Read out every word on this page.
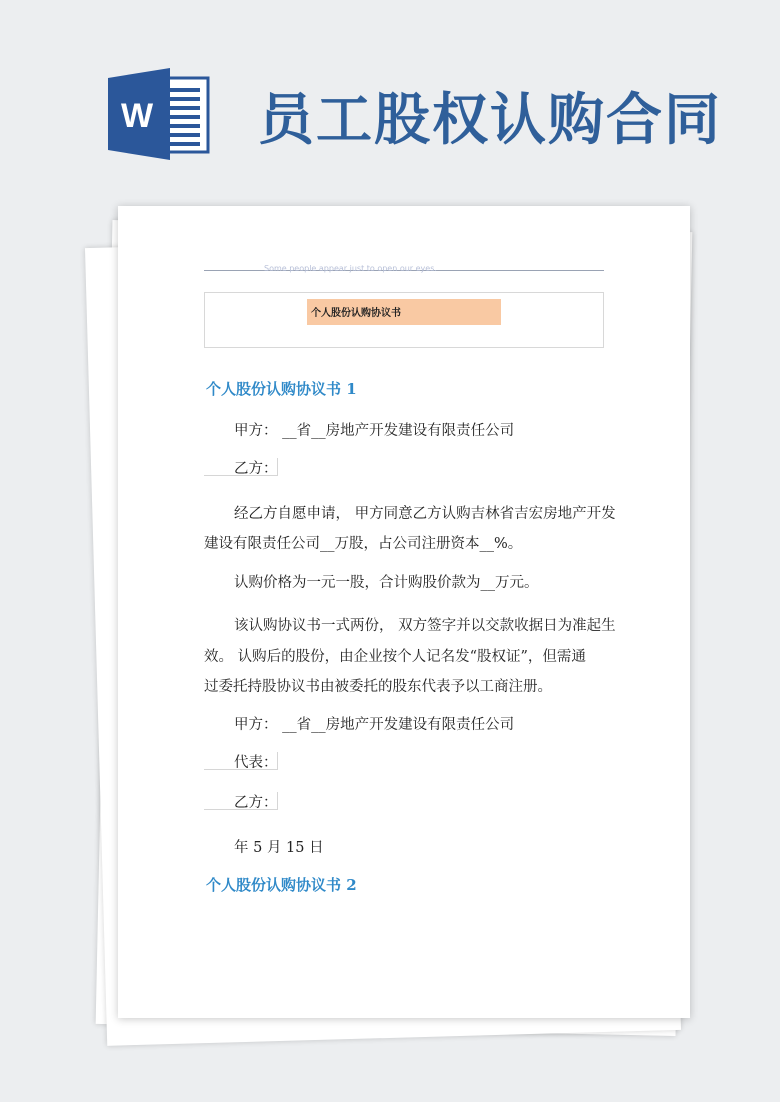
W 员工股权认购合同
Some people appear just to open our eyes.
个人股份认购协议书
个人股份认购协议书 1
甲方： __省__房地产开发建设有限责任公司
乙方：
经乙方自愿申请， 甲方同意乙方认购吉林省吉宏房地产开发
建设有限责任公司__万股，占公司注册资本__%。
认购价格为一元一股，合计购股价款为__万元。
该认购协议书一式两份， 双方签字并以交款收据日为准起生
效。 认购后的股份，由企业按个人记名发“股权证”，但需通
过委托持股协议书由被委托的股东代表予以工商注册。
甲方： __省__房地产开发建设有限责任公司
代表：
乙方：
年 5 月 15 日
个人股份认购协议书 2
